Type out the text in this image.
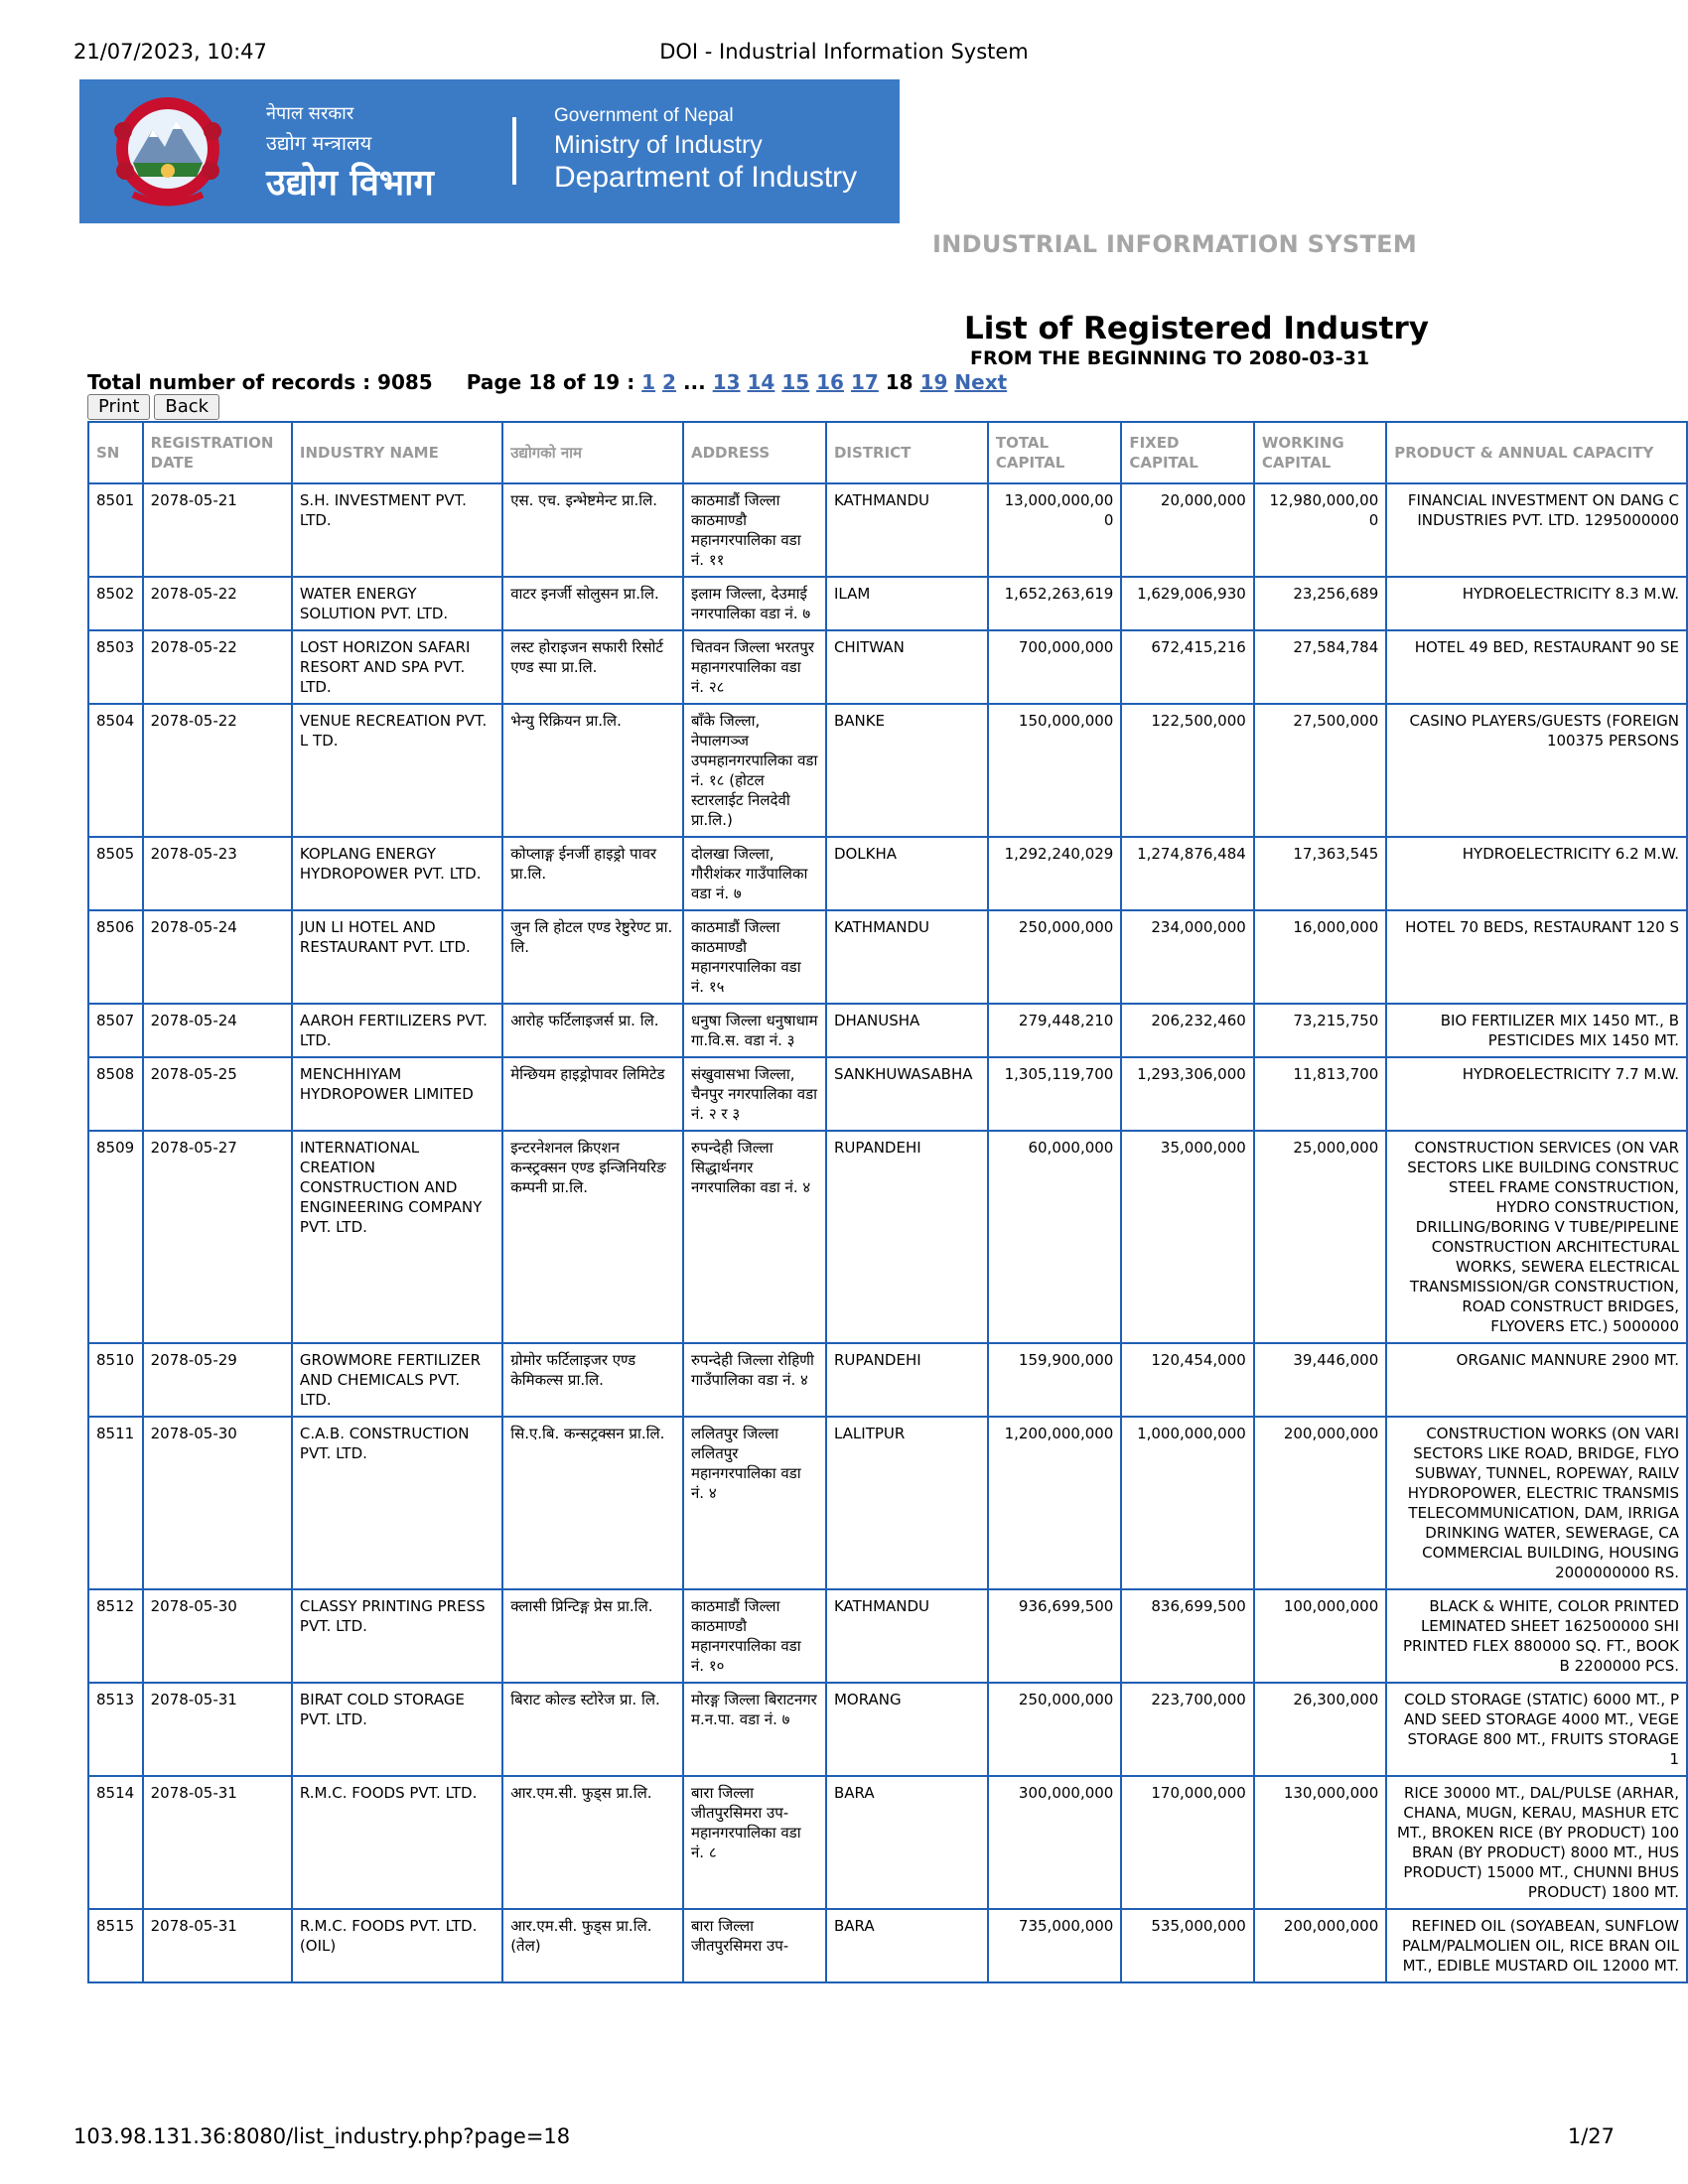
21/07/2023, 10:47	DOI - Industrial Information System
नेपाल सरकार
उद्योग मन्त्रालय
उद्योग विभाग
Government of Nepal
Ministry of Industry
Department of Industry
INDUSTRIAL INFORMATION SYSTEM
List of Registered Industry
FROM THE BEGINNING TO 2080-03-31
Total number of records : 9085 Page 18 of 19 : 1 2 ... 13 14 15 16 17 18 19 Next
Print Back
SN	REGISTRATION DATE	INDUSTRY NAME	उद्योगको नाम	ADDRESS	DISTRICT	TOTAL CAPITAL	FIXED CAPITAL	WORKING CAPITAL	PRODUCT & ANNUAL CAPACITY
8501	2078-05-21	S.H. INVESTMENT PVT. LTD.	एस. एच. इन्भेष्टमेन्ट प्रा.लि.	काठमाडौं जिल्ला काठमाण्डौ महानगरपालिका वडा नं. ११	KATHMANDU	13,000,000,000	20,000,000	12,980,000,000	FINANCIAL INVESTMENT ON DANG C INDUSTRIES PVT. LTD. 1295000000
8502	2078-05-22	WATER ENERGY SOLUTION PVT. LTD.	वाटर इनर्जी सोलुसन प्रा.लि.	इलाम जिल्ला, देउमाई नगरपालिका वडा नं. ७	ILAM	1,652,263,619	1,629,006,930	23,256,689	HYDROELECTRICITY 8.3 M.W.
8503	2078-05-22	LOST HORIZON SAFARI RESORT AND SPA PVT. LTD.	लस्ट होराइजन सफारी रिसोर्ट एण्ड स्पा प्रा.लि.	चितवन जिल्ला भरतपुर महानगरपालिका वडा नं. २८	CHITWAN	700,000,000	672,415,216	27,584,784	HOTEL 49 BED, RESTAURANT 90 SE
8504	2078-05-22	VENUE RECREATION PVT. L TD.	भेन्यु रिक्रियन प्रा.लि.	बाँके जिल्ला, नेपालगञ्ज उपमहानगरपालिका वडा नं. १८ (होटल स्टारलाईट निलदेवी प्रा.लि.)	BANKE	150,000,000	122,500,000	27,500,000	CASINO PLAYERS/GUESTS (FOREIGN 100375 PERSONS
8505	2078-05-23	KOPLANG ENERGY HYDROPOWER PVT. LTD.	कोप्लाङ्ग ईनर्जी हाइड्रो पावर प्रा.लि.	दोलखा जिल्ला, गौरीशंकर गाउँपालिका वडा नं. ७	DOLKHA	1,292,240,029	1,274,876,484	17,363,545	HYDROELECTRICITY 6.2 M.W.
8506	2078-05-24	JUN LI HOTEL AND RESTAURANT PVT. LTD.	जुन लि होटल एण्ड रेष्टुरेण्ट प्रा. लि.	काठमाडौं जिल्ला काठमाण्डौ महानगरपालिका वडा नं. १५	KATHMANDU	250,000,000	234,000,000	16,000,000	HOTEL 70 BEDS, RESTAURANT 120 S
8507	2078-05-24	AAROH FERTILIZERS PVT. LTD.	आरोह फर्टिलाइजर्स प्रा. लि.	धनुषा जिल्ला धनुषाधाम गा.वि.स. वडा नं. ३	DHANUSHA	279,448,210	206,232,460	73,215,750	BIO FERTILIZER MIX 1450 MT., B PESTICIDES MIX 1450 MT.
8508	2078-05-25	MENCHHIYAM HYDROPOWER LIMITED	मेन्छियम हाइड्रोपावर लिमिटेड	संखुवासभा जिल्ला, चैनपुर नगरपालिका वडा नं. २ र ३	SANKHUWASABHA	1,305,119,700	1,293,306,000	11,813,700	HYDROELECTRICITY 7.7 M.W.
8509	2078-05-27	INTERNATIONAL CREATION CONSTRUCTION AND ENGINEERING COMPANY PVT. LTD.	इन्टरनेशनल क्रिएशन कन्स्ट्रक्सन एण्ड इन्जिनियरिङ कम्पनी प्रा.लि.	रुपन्देही जिल्ला सिद्धार्थनगर नगरपालिका वडा नं. ४	RUPANDEHI	60,000,000	35,000,000	25,000,000	CONSTRUCTION SERVICES (ON VAR SECTORS LIKE BUILDING CONSTRUC STEEL FRAME CONSTRUCTION, HYDRO CONSTRUCTION, DRILLING/BORING V TUBE/PIPELINE CONSTRUCTION ARCHITECTURAL WORKS, SEWERA ELECTRICAL TRANSMISSION/GR CONSTRUCTION, ROAD CONSTRUCT BRIDGES, FLYOVERS ETC.) 5000000
8510	2078-05-29	GROWMORE FERTILIZER AND CHEMICALS PVT. LTD.	ग्रोमोर फर्टिलाइजर एण्ड केमिकल्स प्रा.लि.	रुपन्देही जिल्ला रोहिणी गाउँपालिका वडा नं. ४	RUPANDEHI	159,900,000	120,454,000	39,446,000	ORGANIC MANNURE 2900 MT.
8511	2078-05-30	C.A.B. CONSTRUCTION PVT. LTD.	सि.ए.बि. कन्सट्रक्सन प्रा.लि.	ललितपुर जिल्ला ललितपुर महानगरपालिका वडा नं. ४	LALITPUR	1,200,000,000	1,000,000,000	200,000,000	CONSTRUCTION WORKS (ON VARI SECTORS LIKE ROAD, BRIDGE, FLYO SUBWAY, TUNNEL, ROPEWAY, RAILV HYDROPOWER, ELECTRIC TRANSMIS TELECOMMUNICATION, DAM, IRRIGA DRINKING WATER, SEWERAGE, CA COMMERCIAL BUILDING, HOUSING 2000000000 RS.
8512	2078-05-30	CLASSY PRINTING PRESS PVT. LTD.	क्लासी प्रिन्टिङ्ग प्रेस प्रा.लि.	काठमाडौं जिल्ला काठमाण्डौ महानगरपालिका वडा नं. १०	KATHMANDU	936,699,500	836,699,500	100,000,000	BLACK & WHITE, COLOR PRINTED LEMINATED SHEET 162500000 SHI PRINTED FLEX 880000 SQ. FT., BOOK B 2200000 PCS.
8513	2078-05-31	BIRAT COLD STORAGE PVT. LTD.	बिराट कोल्ड स्टोरेज प्रा. लि.	मोरङ्ग जिल्ला बिराटनगर म.न.पा. वडा नं. ७	MORANG	250,000,000	223,700,000	26,300,000	COLD STORAGE (STATIC) 6000 MT., P AND SEED STORAGE 4000 MT., VEGE STORAGE 800 MT., FRUITS STORAGE 1
8514	2078-05-31	R.M.C. FOODS PVT. LTD.	आर.एम.सी. फुड्स प्रा.लि.	बारा जिल्ला जीतपुरसिमरा उप-महानगरपालिका वडा नं. ८	BARA	300,000,000	170,000,000	130,000,000	RICE 30000 MT., DAL/PULSE (ARHAR, CHANA, MUGN, KERAU, MASHUR ETC MT., BROKEN RICE (BY PRODUCT) 100 BRAN (BY PRODUCT) 8000 MT., HUS PRODUCT) 15000 MT., CHUNNI BHUS PRODUCT) 1800 MT.
8515	2078-05-31	R.M.C. FOODS PVT. LTD. (OIL)	आर.एम.सी. फुड्स प्रा.लि. (तेल)	बारा जिल्ला जीतपुरसिमरा उप-	BARA	735,000,000	535,000,000	200,000,000	REFINED OIL (SOYABEAN, SUNFLOW PALM/PALMOLIEN OIL, RICE BRAN OIL MT., EDIBLE MUSTARD OIL 12000 MT.
103.98.131.36:8080/list_industry.php?page=18	1/27
